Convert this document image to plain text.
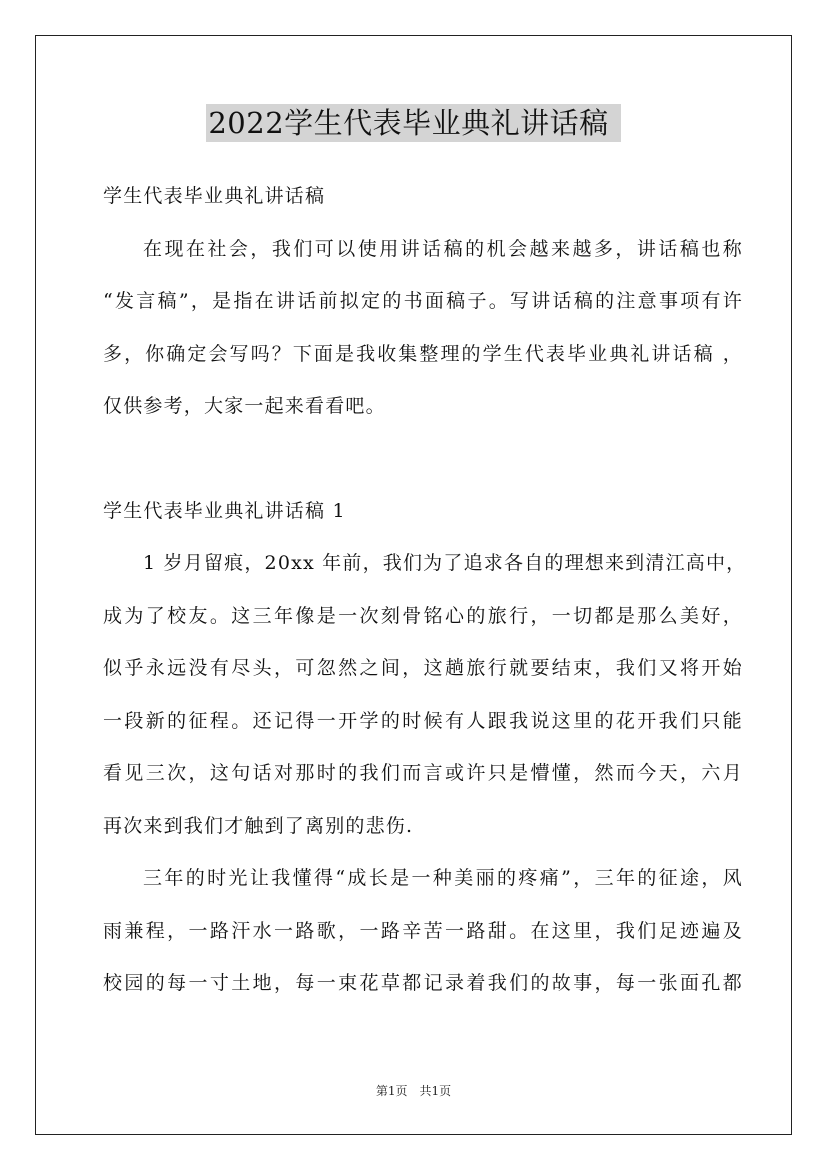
2022学生代表毕业典礼讲话稿
学生代表毕业典礼讲话稿
在现在社会，我们可以使用讲话稿的机会越来越多，讲话稿也称
“发言稿”，是指在讲话前拟定的书面稿子。写讲话稿的注意事项有许
多，你确定会写吗？下面是我收集整理的学生代表毕业典礼讲话稿 ，
仅供参考，大家一起来看看吧。
学生代表毕业典礼讲话稿 1
1 岁月留痕，20xx 年前，我们为了追求各自的理想来到清江高中，
成为了校友。这三年像是一次刻骨铭心的旅行，一切都是那么美好，
似乎永远没有尽头，可忽然之间，这趟旅行就要结束，我们又将开始
一段新的征程。还记得一开学的时候有人跟我说这里的花开我们只能
看见三次，这句话对那时的我们而言或许只是懵懂，然而今天，六月
再次来到我们才触到了离别的悲伤.
三年的时光让我懂得“成长是一种美丽的疼痛”，三年的征途，风
雨兼程，一路汗水一路歌，一路辛苦一路甜。在这里，我们足迹遍及
校园的每一寸土地，每一束花草都记录着我们的故事，每一张面孔都
第1页 共1页
